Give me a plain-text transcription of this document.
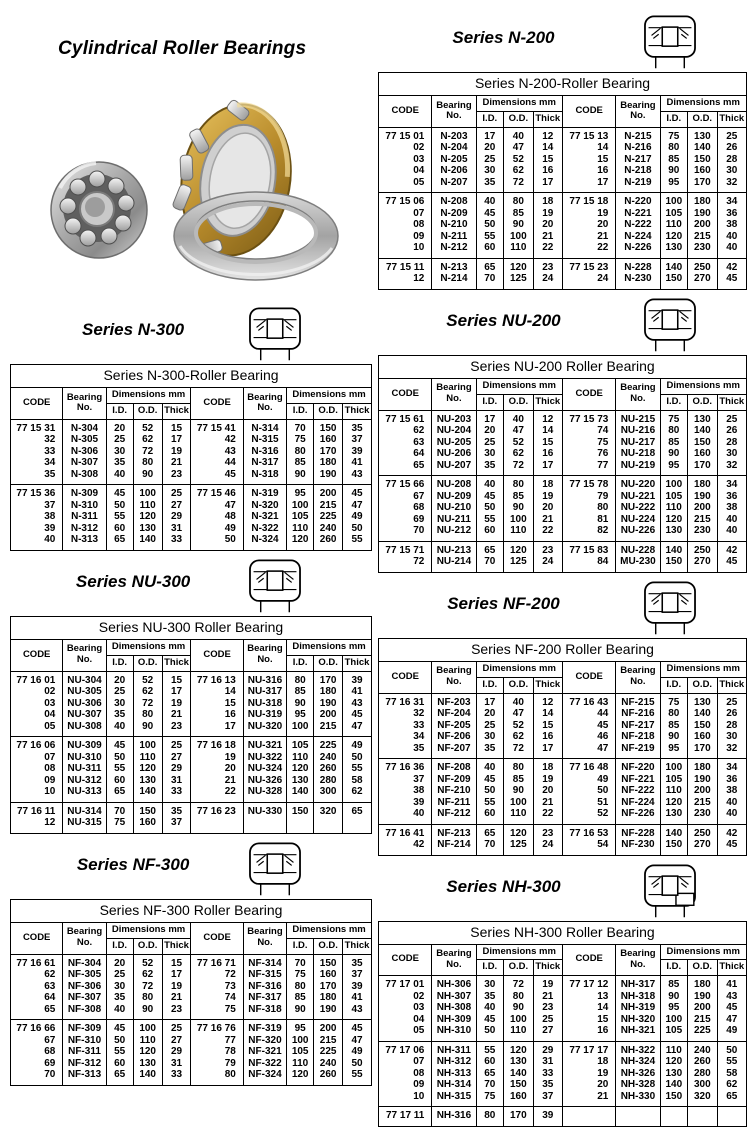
Cylindrical Roller Bearings
Series N-300
Series N-300-Roller Bearing									
CODE	Bearing No.	Dimensions mm			CODE	Bearing No.	Dimensions mm		
		I.D.	O.D.	Thick			I.D.	O.D.	Thick
77 15 31	N-304	20	52	15	77 15 41	N-314	70	150	35
32	N-305	25	62	17	42	N-315	75	160	37
33	N-306	30	72	19	43	N-316	80	170	39
34	N-307	35	80	21	44	N-317	85	180	41
35	N-308	40	90	23	45	N-318	90	190	43
77 15 36	N-309	45	100	25	77 15 46	N-319	95	200	45
37	N-310	50	110	27	47	N-320	100	215	47
38	N-311	55	120	29	48	N-321	105	225	49
39	N-312	60	130	31	49	N-322	110	240	50
40	N-313	65	140	33	50	N-324	120	260	55
Series NU-300
Series NU-300 Roller Bearing									
CODE	Bearing No.	Dimensions mm			CODE	Bearing No.	Dimensions mm		
		I.D.	O.D.	Thick			I.D.	O.D.	Thick
77 16 01	NU-304	20	52	15	77 16 13	NU-316	80	170	39
02	NU-305	25	62	17	14	NU-317	85	180	41
03	NU-306	30	72	19	15	NU-318	90	190	43
04	NU-307	35	80	21	16	NU-319	95	200	45
05	NU-308	40	90	23	17	NU-320	100	215	47
77 16 06	NU-309	45	100	25	77 16 18	NU-321	105	225	49
07	NU-310	50	110	27	19	NU-322	110	240	50
08	NU-311	55	120	29	20	NU-324	120	260	55
09	NU-312	60	130	31	21	NU-326	130	280	58
10	NU-313	65	140	33	22	NU-328	140	300	62
77 16 11	NU-314	70	150	35	77 16 23	NU-330	150	320	65
12	NU-315	75	160	37					
Series NF-300
Series NF-300 Roller Bearing									
CODE	Bearing No.	Dimensions mm			CODE	Bearing No.	Dimensions mm		
		I.D.	O.D.	Thick			I.D.	O.D.	Thick
77 16 61	NF-304	20	52	15	77 16 71	NF-314	70	150	35
62	NF-305	25	62	17	72	NF-315	75	160	37
63	NF-306	30	72	19	73	NF-316	80	170	39
64	NF-307	35	80	21	74	NF-317	85	180	41
65	NF-308	40	90	23	75	NF-318	90	190	43
77 16 66	NF-309	45	100	25	77 16 76	NF-319	95	200	45
67	NF-310	50	110	27	77	NF-320	100	215	47
68	NF-311	55	120	29	78	NF-321	105	225	49
69	NF-312	60	130	31	79	NF-322	110	240	50
70	NF-313	65	140	33	80	NF-324	120	260	55
Series N-200
Series N-200-Roller Bearing									
CODE	Bearing No.	Dimensions mm			CODE	Bearing No.	Dimensions mm		
		I.D.	O.D.	Thick			I.D.	O.D.	Thick
77 15 01	N-203	17	40	12	77 15 13	N-215	75	130	25
02	N-204	20	47	14	14	N-216	80	140	26
03	N-205	25	52	15	15	N-217	85	150	28
04	N-206	30	62	16	16	N-218	90	160	30
05	N-207	35	72	17	17	N-219	95	170	32
77 15 06	N-208	40	80	18	77 15 18	N-220	100	180	34
07	N-209	45	85	19	19	N-221	105	190	36
08	N-210	50	90	20	20	N-222	110	200	38
09	N-211	55	100	21	21	N-224	120	215	40
10	N-212	60	110	22	22	N-226	130	230	40
77 15 11	N-213	65	120	23	77 15 23	N-228	140	250	42
12	N-214	70	125	24	24	N-230	150	270	45
Series NU-200
Series NU-200 Roller Bearing									
CODE	Bearing No.	Dimensions mm			CODE	Bearing No.	Dimensions mm		
		I.D.	O.D.	Thick			I.D.	O.D.	Thick
77 15 61	NU-203	17	40	12	77 15 73	NU-215	75	130	25
62	NU-204	20	47	14	74	NU-216	80	140	26
63	NU-205	25	52	15	75	NU-217	85	150	28
64	NU-206	30	62	16	76	NU-218	90	160	30
65	NU-207	35	72	17	77	NU-219	95	170	32
77 15 66	NU-208	40	80	18	77 15 78	NU-220	100	180	34
67	NU-209	45	85	19	79	NU-221	105	190	36
68	NU-210	50	90	20	80	NU-222	110	200	38
69	NU-211	55	100	21	81	NU-224	120	215	40
70	NU-212	60	110	22	82	NU-226	130	230	40
77 15 71	NU-213	65	120	23	77 15 83	NU-228	140	250	42
72	NU-214	70	125	24	84	MU-230	150	270	45
Series NF-200
Series NF-200 Roller Bearing									
CODE	Bearing No.	Dimensions mm			CODE	Bearing No.	Dimensions mm		
		I.D.	O.D.	Thick			I.D.	O.D.	Thick
77 16 31	NF-203	17	40	12	77 16 43	NF-215	75	130	25
32	NF-204	20	47	14	44	NF-216	80	140	26
33	NF-205	25	52	15	45	NF-217	85	150	28
34	NF-206	30	62	16	46	NF-218	90	160	30
35	NF-207	35	72	17	47	NF-219	95	170	32
77 16 36	NF-208	40	80	18	77 16 48	NF-220	100	180	34
37	NF-209	45	85	19	49	NF-221	105	190	36
38	NF-210	50	90	20	50	NF-222	110	200	38
39	NF-211	55	100	21	51	NF-224	120	215	40
40	NF-212	60	110	22	52	NF-226	130	230	40
77 16 41	NF-213	65	120	23	77 16 53	NF-228	140	250	42
42	NF-214	70	125	24	54	NF-230	150	270	45
Series NH-300
Series NH-300 Roller Bearing									
CODE	Bearing No.	Dimensions mm			CODE	Bearing No.	Dimensions mm		
		I.D.	O.D.	Thick			I.D.	O.D.	Thick
77 17 01	NH-306	30	72	19	77 17 12	NH-317	85	180	41
02	NH-307	35	80	21	13	NH-318	90	190	43
03	NH-308	40	90	23	14	NH-319	95	200	45
04	NH-309	45	100	25	15	NH-320	100	215	47
05	NH-310	50	110	27	16	NH-321	105	225	49
77 17 06	NH-311	55	120	29	77 17 17	NH-322	110	240	50
07	NH-312	60	130	31	18	NH-324	120	260	55
08	NH-313	65	140	33	19	NH-326	130	280	58
09	NH-314	70	150	35	20	NH-328	140	300	62
10	NH-315	75	160	37	21	NH-330	150	320	65
77 17 11	NH-316	80	170	39					
